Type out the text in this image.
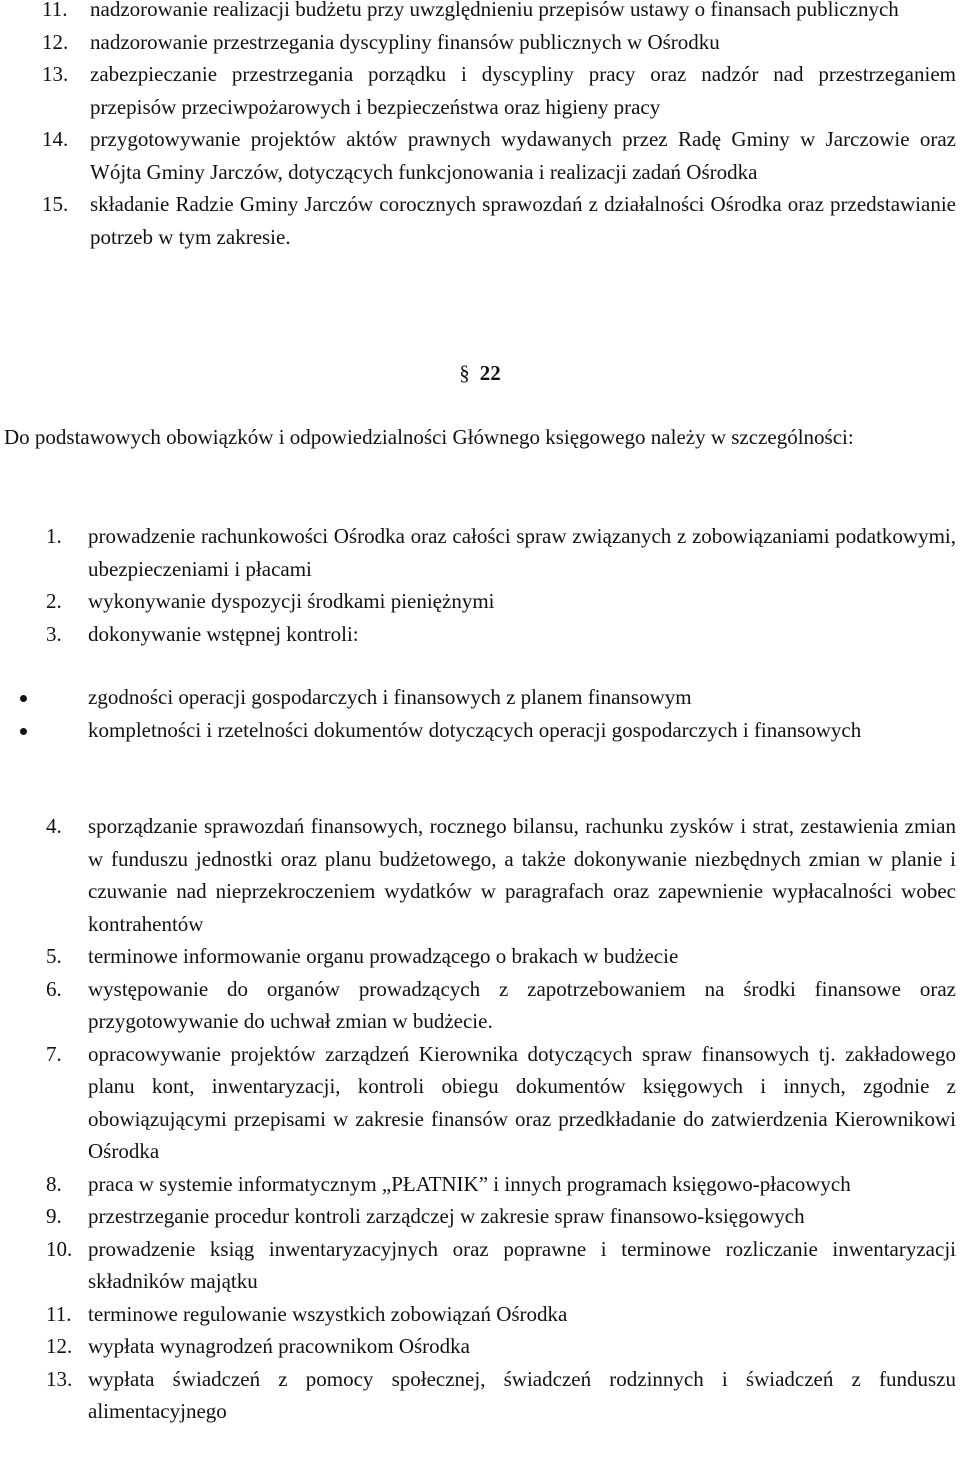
11. nadzorowanie realizacji budżetu przy uwzględnieniu przepisów ustawy o finansach publicznych
12. nadzorowanie przestrzegania dyscypliny finansów publicznych w Ośrodku
13. zabezpieczanie przestrzegania porządku i dyscypliny pracy oraz nadzór nad przestrzeganiem przepisów przeciwpożarowych i bezpieczeństwa oraz higieny pracy
14. przygotowywanie projektów aktów prawnych wydawanych przez Radę Gminy w Jarczowie oraz Wójta Gminy Jarczów, dotyczących funkcjonowania i realizacji zadań Ośrodka
15. składanie Radzie Gminy Jarczów corocznych sprawozdań z działalności Ośrodka oraz przedstawianie potrzeb w tym zakresie.
§ 22
Do podstawowych obowiązków i odpowiedzialności Głównego księgowego należy w szczególności:
1. prowadzenie rachunkowości Ośrodka oraz całości spraw związanych z zobowiązaniami podatkowymi, ubezpieczeniami i płacami
2. wykonywanie dyspozycji środkami pieniężnymi
3. dokonywanie wstępnej kontroli:
zgodności operacji gospodarczych i finansowych z planem finansowym
kompletności i rzetelności dokumentów dotyczących operacji gospodarczych i finansowych
4. sporządzanie sprawozdań finansowych, rocznego bilansu, rachunku zysków i strat, zestawienia zmian w funduszu jednostki oraz planu budżetowego, a także dokonywanie niezbędnych zmian w planie i czuwanie nad nieprzekroczeniem wydatków w paragrafach oraz zapewnienie wypłacalności wobec kontrahentów
5. terminowe informowanie organu prowadzącego o brakach w budżecie
6. występowanie do organów prowadzących z zapotrzebowaniem na środki finansowe oraz przygotowywanie do uchwał zmian w budżecie.
7. opracowywanie projektów zarządzeń Kierownika dotyczących spraw finansowych tj. zakładowego planu kont, inwentaryzacji, kontroli obiegu dokumentów księgowych i innych, zgodnie z obowiązującymi przepisami w zakresie finansów oraz przedkładanie do zatwierdzenia Kierownikowi Ośrodka
8. praca w systemie informatycznym „PŁATNIK” i innych programach księgowo-płacowych
9. przestrzeganie procedur kontroli zarządczej w zakresie spraw finansowo-księgowych
10. prowadzenie ksiąg inwentaryzacyjnych oraz poprawne i terminowe rozliczanie inwentaryzacji składników majątku
11. terminowe regulowanie wszystkich zobowiązań Ośrodka
12. wypłata wynagrodzeń pracownikom Ośrodka
13. wypłata świadczeń z pomocy społecznej, świadczeń rodzinnych i świadczeń z funduszu alimentacyjnego
